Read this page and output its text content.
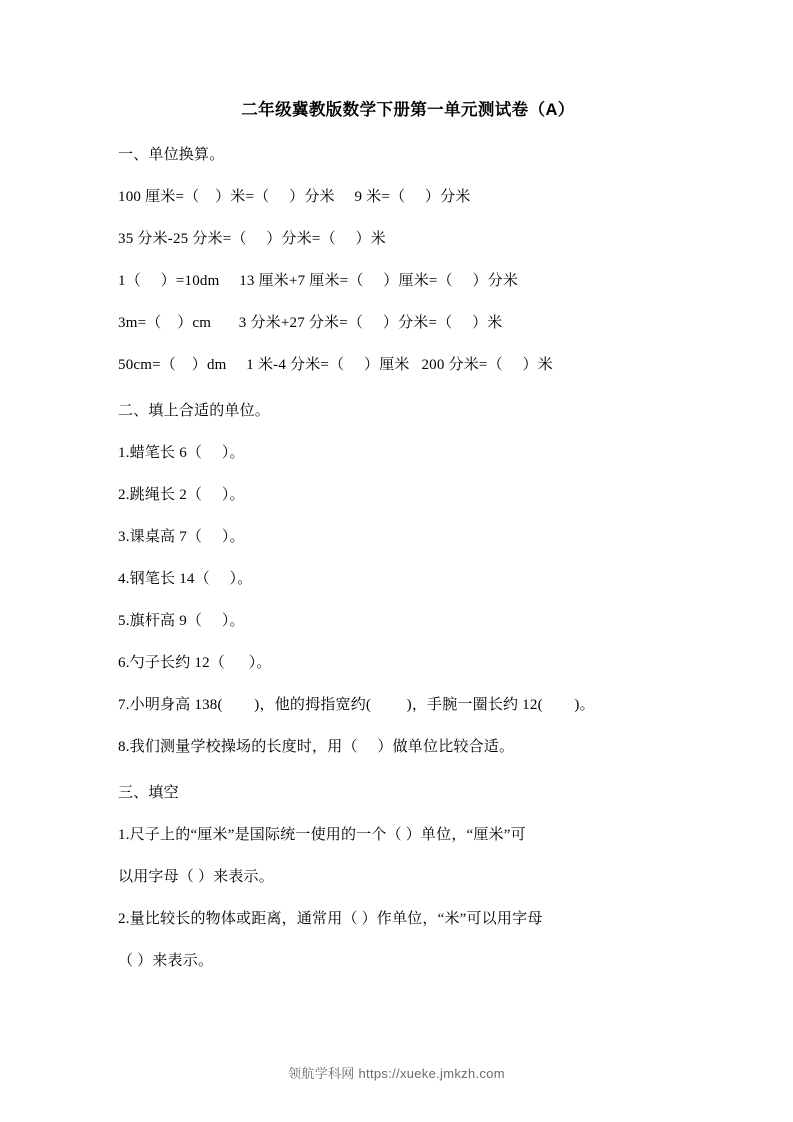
二年级冀教版数学下册第一单元测试卷（A）
一、单位换算。
100 厘米=（    ）米=（     ）分米     9 米=（     ）分米
35 分米-25 分米=（     ）分米=（     ）米
1（     ）=10dm     13 厘米+7 厘米=（     ）厘米=（     ）分米
3m=（    ）cm       3 分米+27 分米=（     ）分米=（     ）米
50cm=（    ）dm     1 米-4 分米=（     ）厘米   200 分米=（     ）米
二、填上合适的单位。
1.蜡笔长 6（     ）。
2.跳绳长 2（     ）。
3.课桌高 7（     ）。
4.钢笔长 14（     ）。
5.旗杆高 9（     ）。
6.勺子长约 12（      ）。
7.小明身高 138(        )，他的拇指宽约(         )，手腕一圈长约 12(        )。
8.我们测量学校操场的长度时，用（     ）做单位比较合适。
三、填空
1.尺子上的“厘米”是国际统一使用的一个（ ）单位，“厘米”可
以用字母（ ）来表示。
2.量比较长的物体或距离，通常用（ ）作单位，“米”可以用字母
（ ）来表示。
领航学科网 https://xueke.jmkzh.com
